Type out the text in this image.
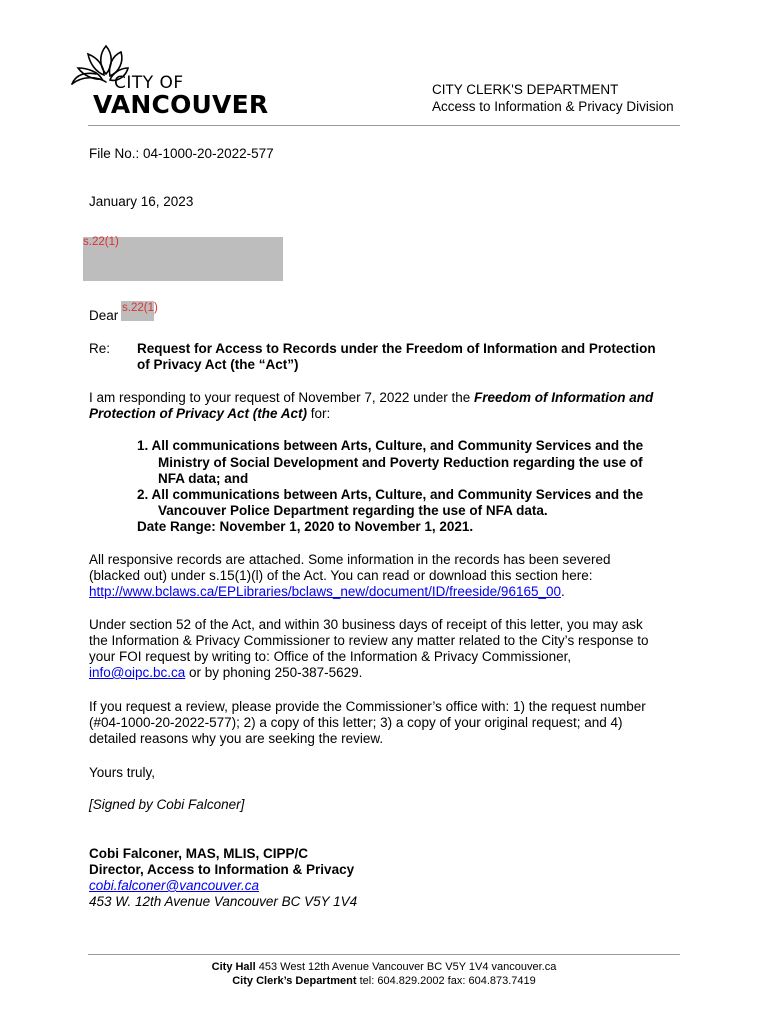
CITY OF
VANCOUVER
CITY CLERK'S DEPARTMENT
Access to Information & Privacy Division
File No.: 04-1000-20-2022-577
January 16, 2023
s.22(1)
Dear s.22(1)
Re: Request for Access to Records under the Freedom of Information and Protection
of Privacy Act (the “Act”)
I am responding to your request of November 7, 2022 under the Freedom of Information and
Protection of Privacy Act (the Act) for:
1. All communications between Arts, Culture, and Community Services and the
Ministry of Social Development and Poverty Reduction regarding the use of
NFA data; and
2. All communications between Arts, Culture, and Community Services and the
Vancouver Police Department regarding the use of NFA data.
Date Range: November 1, 2020 to November 1, 2021.
All responsive records are attached. Some information in the records has been severed
(blacked out) under s.15(1)(l) of the Act. You can read or download this section here:
http://www.bclaws.ca/EPLibraries/bclaws_new/document/ID/freeside/96165_00.
Under section 52 of the Act, and within 30 business days of receipt of this letter, you may ask
the Information & Privacy Commissioner to review any matter related to the City’s response to
your FOI request by writing to: Office of the Information & Privacy Commissioner,
info@oipc.bc.ca or by phoning 250-387-5629.
If you request a review, please provide the Commissioner’s office with: 1) the request number
(#04-1000-20-2022-577); 2) a copy of this letter; 3) a copy of your original request; and 4)
detailed reasons why you are seeking the review.
Yours truly,
[Signed by Cobi Falconer]
Cobi Falconer, MAS, MLIS, CIPP/C
Director, Access to Information & Privacy
cobi.falconer@vancouver.ca
453 W. 12th Avenue Vancouver BC V5Y 1V4
City Hall 453 West 12th Avenue Vancouver BC V5Y 1V4 vancouver.ca
City Clerk’s Department tel: 604.829.2002 fax: 604.873.7419
